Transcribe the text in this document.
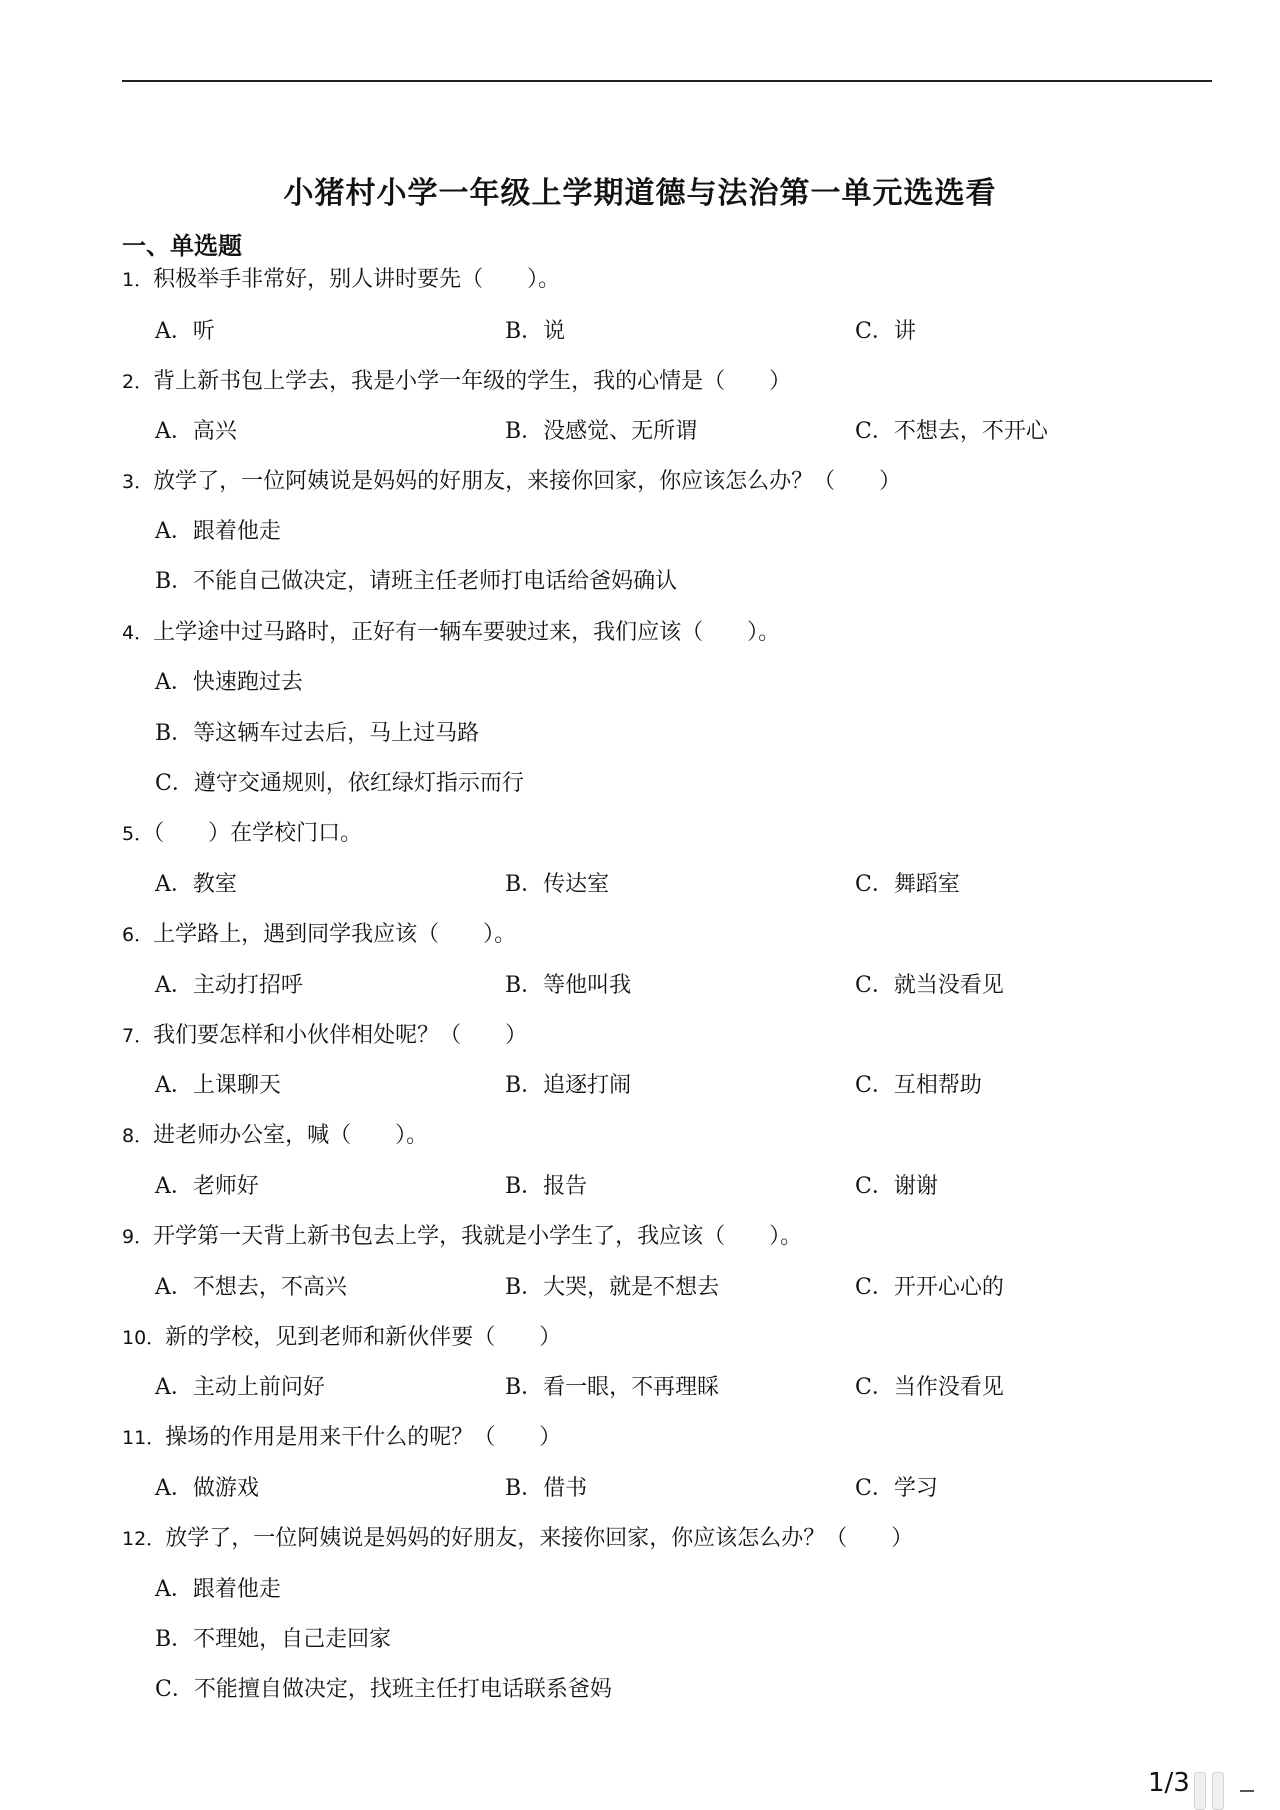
小猪村小学一年级上学期道德与法治第一单元选选看
一、单选题
1．积极举手非常好，别人讲时要先（　　）。
A．听	B．说	C．讲
2．背上新书包上学去，我是小学一年级的学生，我的心情是（　　）
A．高兴	B．没感觉、无所谓	C．不想去，不开心
3．放学了，一位阿姨说是妈妈的好朋友，来接你回家，你应该怎么办？（　　）
A．跟着他走
B．不能自己做决定，请班主任老师打电话给爸妈确认
4．上学途中过马路时，正好有一辆车要驶过来，我们应该（　　）。
A．快速跑过去
B．等这辆车过去后，马上过马路
C．遵守交通规则，依红绿灯指示而行
5．（　　）在学校门口。
A．教室	B．传达室	C．舞蹈室
6．上学路上，遇到同学我应该（　　）。
A．主动打招呼	B．等他叫我	C．就当没看见
7．我们要怎样和小伙伴相处呢？（　　）
A．上课聊天	B．追逐打闹	C．互相帮助
8．进老师办公室，喊（　　）。
A．老师好	B．报告	C．谢谢
9．开学第一天背上新书包去上学，我就是小学生了，我应该（　　）。
A．不想去，不高兴	B．大哭，就是不想去	C．开开心心的
10．新的学校，见到老师和新伙伴要（　　）
A．主动上前问好	B．看一眼，不再理睬	C．当作没看见
11．操场的作用是用来干什么的呢？（　　）
A．做游戏	B．借书	C．学习
12．放学了，一位阿姨说是妈妈的好朋友，来接你回家，你应该怎么办？（　　）
A．跟着他走
B．不理她，自己走回家
C．不能擅自做决定，找班主任打电话联系爸妈
1/3
